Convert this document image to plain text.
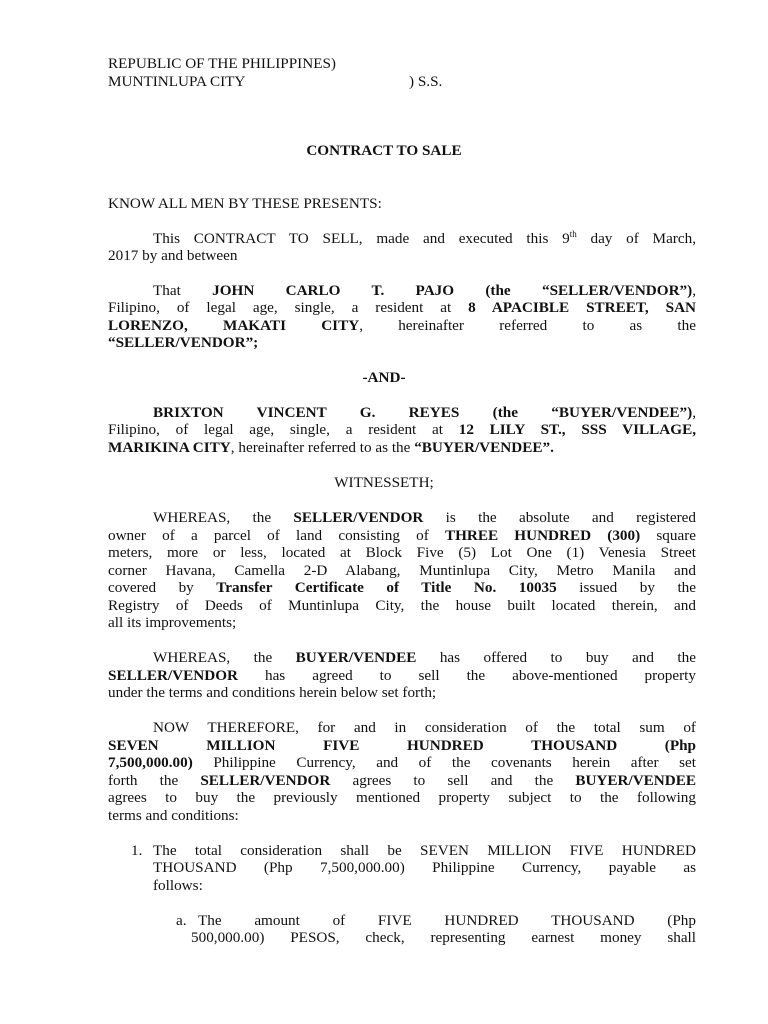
REPUBLIC OF THE PHILIPPINES)
MUNTINLUPA CITY	) S.S.
CONTRACT TO SALE
KNOW ALL MEN BY THESE PRESENTS:
This CONTRACT TO SELL, made and executed this 9th day of March,
2017 by and between
That JOHN CARLO T. PAJO (the “SELLER/VENDOR”),
Filipino, of legal age, single, a resident at 8 APACIBLE STREET, SAN
LORENZO, MAKATI CITY, hereinafter referred to as the
“SELLER/VENDOR”;
-AND-
BRIXTON VINCENT G. REYES (the “BUYER/VENDEE”),
Filipino, of legal age, single, a resident at 12 LILY ST., SSS VILLAGE,
MARIKINA CITY, hereinafter referred to as the “BUYER/VENDEE”.
WITNESSETH;
WHEREAS, the SELLER/VENDOR is the absolute and registered
owner of a parcel of land consisting of THREE HUNDRED (300) square
meters, more or less, located at Block Five (5) Lot One (1) Venesia Street
corner Havana, Camella 2-D Alabang, Muntinlupa City, Metro Manila and
covered by Transfer Certificate of Title No. 10035 issued by the
Registry of Deeds of Muntinlupa City, the house built located therein, and
all its improvements;
WHEREAS, the BUYER/VENDEE has offered to buy and the
SELLER/VENDOR has agreed to sell the above-mentioned property
under the terms and conditions herein below set forth;
NOW THEREFORE, for and in consideration of the total sum of
SEVEN MILLION FIVE HUNDRED THOUSAND (Php
7,500,000.00) Philippine Currency, and of the covenants herein after set
forth the SELLER/VENDOR agrees to sell and the BUYER/VENDEE
agrees to buy the previously mentioned property subject to the following
terms and conditions:
1. The total consideration shall be SEVEN MILLION FIVE HUNDRED
THOUSAND (Php 7,500,000.00) Philippine Currency, payable as
follows:
a. The amount of FIVE HUNDRED THOUSAND (Php
500,000.00) PESOS, check, representing earnest money shall
